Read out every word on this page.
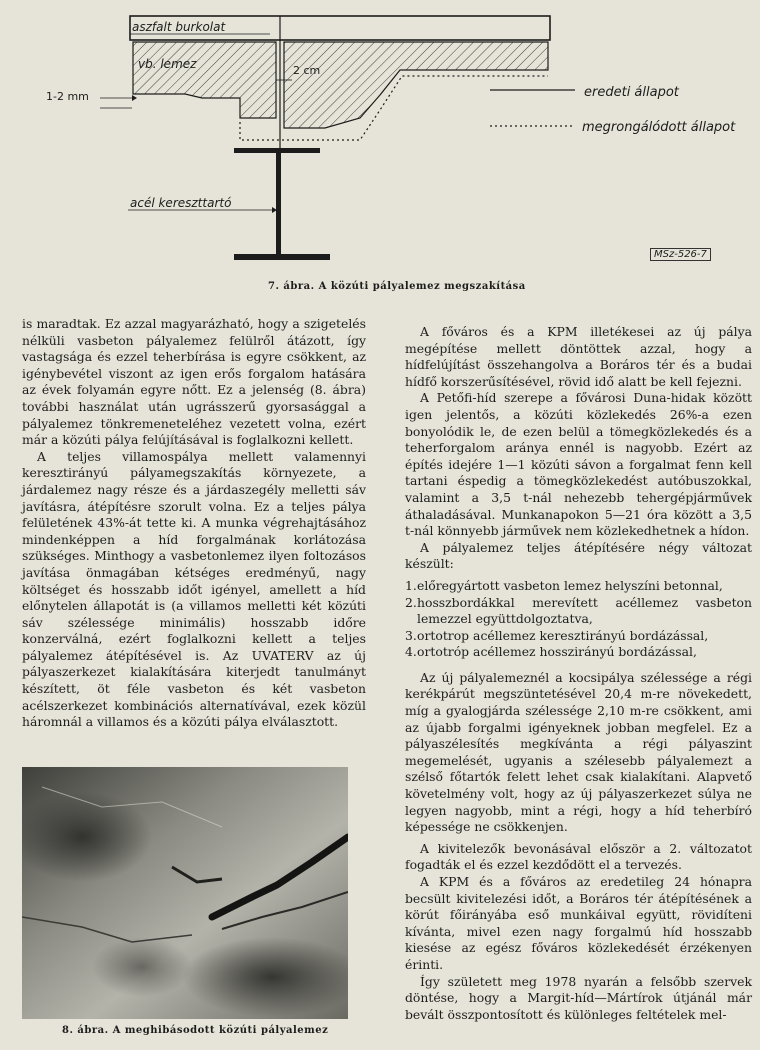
aszfalt burkolat
vb. lemez	2 cm
1-2 mm
acél kereszttartó
eredeti állapot
megrongálódott állapot
MSz-526-7
7. ábra. A közúti pályalemez megszakítása

is maradtak. Ez azzal magyarázható, hogy a szigetelés nélküli vasbeton pályalemez felülről átázott, így vastagsága és ezzel teherbírása is egyre csökkent, az igénybevétel viszont az igen erős forgalom hatására az évek folyamán egyre nőtt. Ez a jelenség (8. ábra) további használat után ugrásszerű gyorsasággal a pályalemez tönkremeneteléhez vezetett volna, ezért már a közúti pálya felújításával is foglalkozni kellett.

A teljes villamospálya mellett valamennyi keresztirányú pályamegszakítás környezete, a járdalemez nagy része és a járdaszegély melletti sáv javításra, átépítésre szorult volna. Ez a teljes pálya felületének 43%-át tette ki. A munka végrehajtásához mindenképpen a híd forgalmának korlátozása szükséges. Minthogy a vasbetonlemez ilyen foltozásos javítása önmagában kétséges eredményű, nagy költséget és hosszabb időt igényel, amellett a híd előnytelen állapotát is (a villamos melletti két közúti sáv szélessége minimális) hosszabb időre konzerválná, ezért foglalkozni kellett a teljes pályalemez átépítésével is. Az UVATERV az új pályaszerkezet kialakítására kiterjedt tanulmányt készített, öt féle vasbeton és két vasbeton acélszerkezet kombinációs alternatívával, ezek közül háromnál a villamos és a közúti pálya elválasztott.

8. ábra. A meghibásodott közúti pályalemez

A főváros és a KPM illetékesei az új pálya megépítése mellett döntöttek azzal, hogy a hídfelújítást összehangolva a Boráros tér és a budai hídfő korszerűsítésével, rövid idő alatt be kell fejezni.

A Petőfi-híd szerepe a fővárosi Duna-hidak között igen jelentős, a közúti közlekedés 26%-a ezen bonyolódik le, de ezen belül a tömegközlekedés és a teherforgalom aránya ennél is nagyobb. Ezért az építés idejére 1—1 közúti sávon a forgalmat fenn kell tartani éspedig a tömegközlekedést autóbuszokkal, valamint a 3,5 t-nál nehezebb tehergépjárművek áthaladásával. Munkanapokon 5—21 óra között a 3,5 t-nál könnyebb járművek nem közlekedhetnek a hídon.

A pályalemez teljes átépítésére négy változat készült:

1.előregyártott vasbeton lemez helyszíni betonnal,
2.hosszbordákkal merevített acéllemez vasbeton lemezzel együttdolgoztatva,
3.ortotrop acéllemez keresztirányú bordázással,
4.ortotróp acéllemez hosszirányú bordázással,

Az új pályalemeznél a kocsipálya szélessége a régi kerékpárút megszüntetésével 20,4 m-re növekedett, míg a gyalogjárda szélessége 2,10 m-re csökkent, ami az újabb forgalmi igényeknek jobban megfelel. Ez a pályaszélesítés megkívánta a régi pályaszint megemelését, ugyanis a szélesebb pályalemezt a szélső főtartók felett lehet csak kialakítani. Alapvető követelmény volt, hogy az új pályaszerkezet súlya ne legyen nagyobb, mint a régi, hogy a híd teherbíró képessége ne csökkenjen.

A kivitelezők bevonásával először a 2. változatot fogadták el és ezzel kezdődött el a tervezés.

A KPM és a főváros az eredetileg 24 hónapra becsült kivitelezési időt, a Boráros tér átépítésének a körút főirányába eső munkáival együtt, rövidíteni kívánta, mivel ezen nagy forgalmú híd hosszabb kiesése az egész főváros közlekedését érzékenyen érinti.

Így született meg 1978 nyarán a felsőbb szervek döntése, hogy a Margit-híd—Mártírok útjánál már bevált összpontosított és különleges feltételek mel-
